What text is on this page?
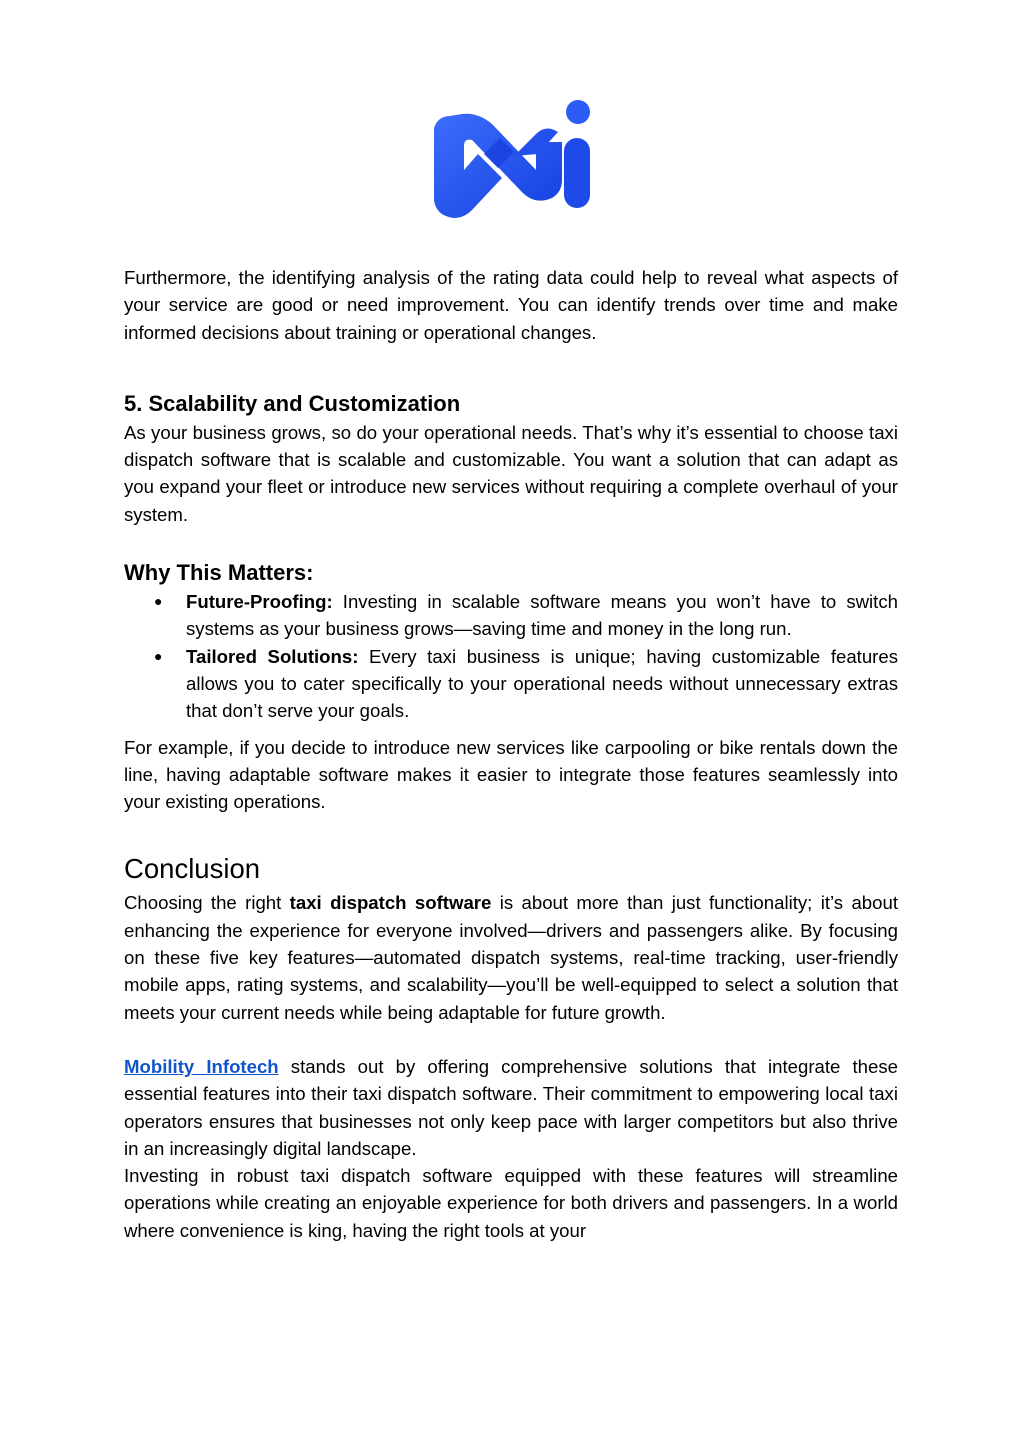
Furthermore, the identifying analysis of the rating data could help to reveal what aspects of your service are good or need improvement. You can identify trends over time and make informed decisions about training or operational changes.

5. Scalability and Customization

As your business grows, so do your operational needs. That’s why it’s essential to choose taxi dispatch software that is scalable and customizable. You want a solution that can adapt as you expand your fleet or introduce new services without requiring a complete overhaul of your system.

Why This Matters:
● Future-Proofing: Investing in scalable software means you won’t have to switch systems as your business grows—saving time and money in the long run.
● Tailored Solutions: Every taxi business is unique; having customizable features allows you to cater specifically to your operational needs without unnecessary extras that don’t serve your goals.

For example, if you decide to introduce new services like carpooling or bike rentals down the line, having adaptable software makes it easier to integrate those features seamlessly into your existing operations.

Conclusion

Choosing the right taxi dispatch software is about more than just functionality; it’s about enhancing the experience for everyone involved—drivers and passengers alike. By focusing on these five key features—automated dispatch systems, real-time tracking, user-friendly mobile apps, rating systems, and scalability—you’ll be well-equipped to select a solution that meets your current needs while being adaptable for future growth.

Mobility Infotech stands out by offering comprehensive solutions that integrate these essential features into their taxi dispatch software. Their commitment to empowering local taxi operators ensures that businesses not only keep pace with larger competitors but also thrive in an increasingly digital landscape.

Investing in robust taxi dispatch software equipped with these features will streamline operations while creating an enjoyable experience for both drivers and passengers. In a world where convenience is king, having the right tools at your
